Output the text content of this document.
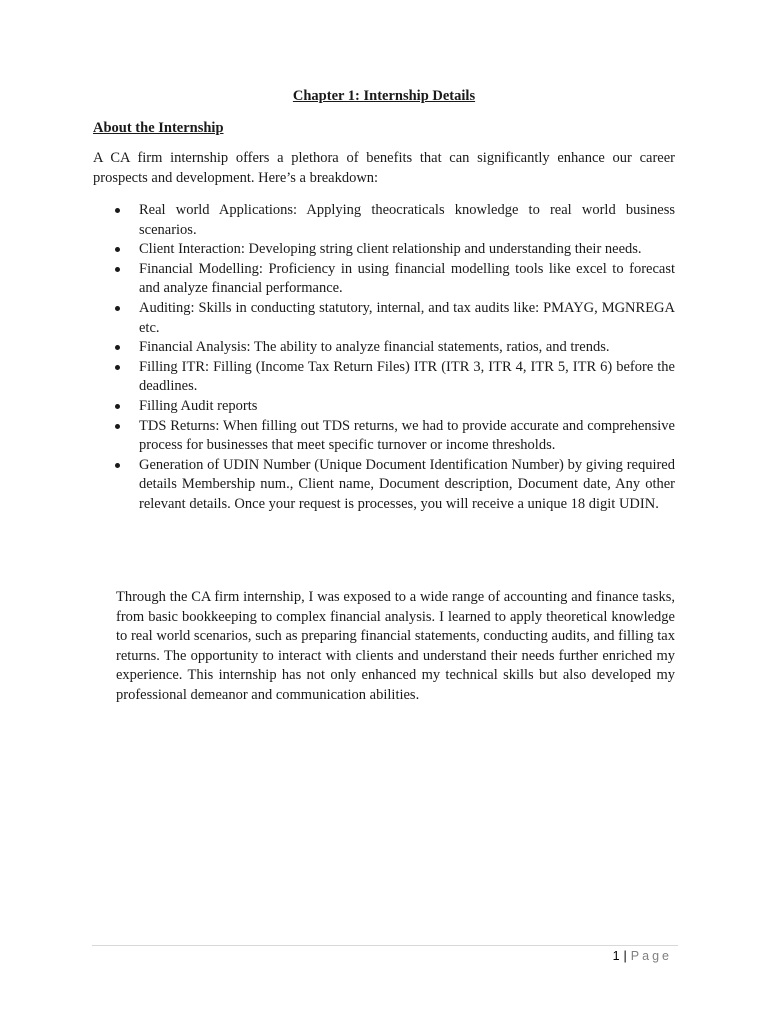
Chapter 1: Internship Details
About the Internship

A CA firm internship offers a plethora of benefits that can significantly enhance our career prospects and development. Here’s a breakdown:

Real world Applications: Applying theocraticals knowledge to real world business scenarios.
Client Interaction: Developing string client relationship and understanding their needs.
Financial Modelling: Proficiency in using financial modelling tools like excel to forecast and analyze financial performance.
Auditing: Skills in conducting statutory, internal, and tax audits like: PMAYG, MGNREGA etc.
Financial Analysis: The ability to analyze financial statements, ratios, and trends.
Filling ITR: Filling (Income Tax Return Files) ITR (ITR 3, ITR 4, ITR 5, ITR 6) before the deadlines.
Filling Audit reports
TDS Returns: When filling out TDS returns, we had to provide accurate and comprehensive process for businesses that meet specific turnover or income thresholds.
Generation of UDIN Number (Unique Document Identification Number) by giving required details Membership num., Client name, Document description, Document date, Any other relevant details. Once your request is processes, you will receive a unique 18 digit UDIN.

Through the CA firm internship, I was exposed to a wide range of accounting and finance tasks, from basic bookkeeping to complex financial analysis. I learned to apply theoretical knowledge to real world scenarios, such as preparing financial statements, conducting audits, and filling tax returns. The opportunity to interact with clients and understand their needs further enriched my experience. This internship has not only enhanced my technical skills but also developed my professional demeanor and communication abilities.

1 | Page
